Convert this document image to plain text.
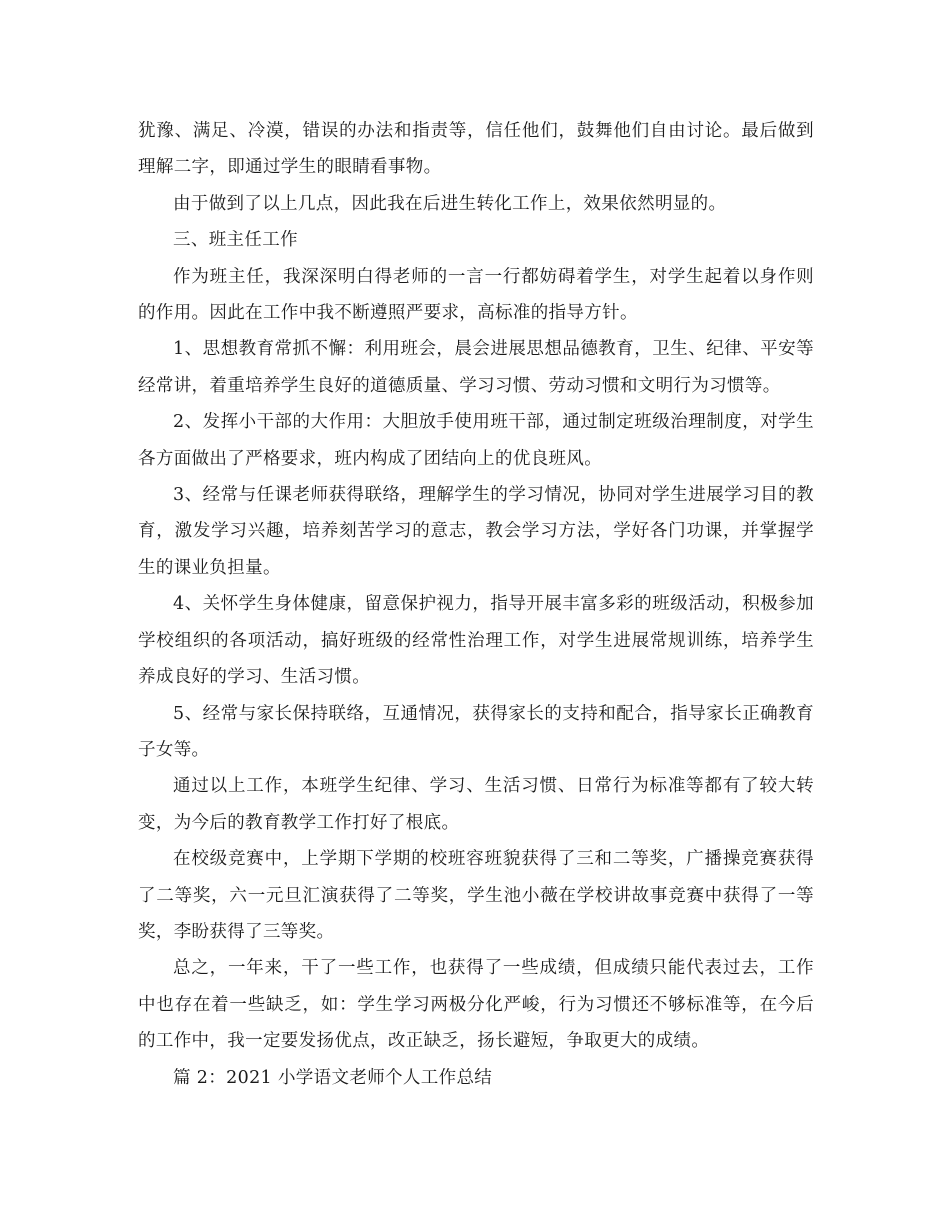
犹豫、满足、冷漠，错误的办法和指责等，信任他们，鼓舞他们自由讨论。最后做到理解二字，即通过学生的眼睛看事物。

由于做到了以上几点，因此我在后进生转化工作上，效果依然明显的。

三、班主任工作

作为班主任，我深深明白得老师的一言一行都妨碍着学生，对学生起着以身作则的作用。因此在工作中我不断遵照严要求，高标准的指导方针。

1、思想教育常抓不懈：利用班会，晨会进展思想品德教育，卫生、纪律、平安等经常讲，着重培养学生良好的道德质量、学习习惯、劳动习惯和文明行为习惯等。

2、发挥小干部的大作用：大胆放手使用班干部，通过制定班级治理制度，对学生各方面做出了严格要求，班内构成了团结向上的优良班风。

3、经常与任课老师获得联络，理解学生的学习情况，协同对学生进展学习目的教育，激发学习兴趣，培养刻苦学习的意志，教会学习方法，学好各门功课，并掌握学生的课业负担量。

4、关怀学生身体健康，留意保护视力，指导开展丰富多彩的班级活动，积极参加学校组织的各项活动，搞好班级的经常性治理工作，对学生进展常规训练，培养学生养成良好的学习、生活习惯。

5、经常与家长保持联络，互通情况，获得家长的支持和配合，指导家长正确教育子女等。

通过以上工作，本班学生纪律、学习、生活习惯、日常行为标准等都有了较大转变，为今后的教育教学工作打好了根底。

在校级竞赛中，上学期下学期的校班容班貌获得了三和二等奖，广播操竞赛获得了二等奖，六一元旦汇演获得了二等奖，学生池小薇在学校讲故事竞赛中获得了一等奖，李盼获得了三等奖。

总之，一年来，干了一些工作，也获得了一些成绩，但成绩只能代表过去，工作中也存在着一些缺乏，如：学生学习两极分化严峻，行为习惯还不够标准等，在今后的工作中，我一定要发扬优点，改正缺乏，扬长避短，争取更大的成绩。

篇 2：2021 小学语文老师个人工作总结
